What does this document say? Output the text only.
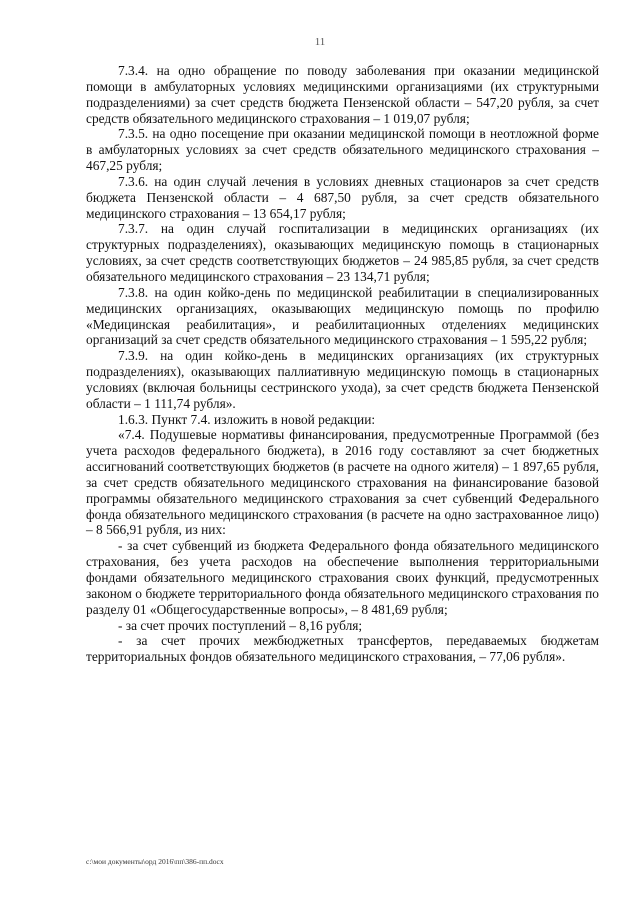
11

7.3.4. на одно обращение по поводу заболевания при оказании медицинской помощи в амбулаторных условиях медицинскими организациями (их структурными подразделениями) за счет средств бюджета Пензенской области – 547,20 рубля, за счет средств обязательного медицинского страхования – 1 019,07 рубля;

7.3.5. на одно посещение при оказании медицинской помощи в неотложной форме в амбулаторных условиях за счет средств обязательного медицинского страхования – 467,25 рубля;

7.3.6. на один случай лечения в условиях дневных стационаров за счет средств бюджета Пензенской области – 4 687,50 рубля, за счет средств обязательного медицинского страхования – 13 654,17 рубля;

7.3.7. на один случай госпитализации в медицинских организациях (их структурных подразделениях), оказывающих медицинскую помощь в стационарных условиях, за счет средств соответствующих бюджетов – 24 985,85 рубля, за счет средств обязательного медицинского страхования – 23 134,71 рубля;

7.3.8. на один койко-день по медицинской реабилитации в специализированных медицинских организациях, оказывающих медицинскую помощь по профилю «Медицинская реабилитация», и реабилитационных отделениях медицинских организаций за счет средств обязательного медицинского страхования – 1 595,22 рубля;

7.3.9. на один койко-день в медицинских организациях (их структурных подразделениях), оказывающих паллиативную медицинскую помощь в стационарных условиях (включая больницы сестринского ухода), за счет средств бюджета Пензенской области – 1 111,74 рубля».

1.6.3. Пункт 7.4. изложить в новой редакции:

«7.4. Подушевые нормативы финансирования, предусмотренные Программой (без учета расходов федерального бюджета), в 2016 году составляют за счет бюджетных ассигнований соответствующих бюджетов (в расчете на одного жителя) – 1 897,65 рубля, за счет средств обязательного медицинского страхования на финансирование базовой программы обязательного медицинского страхования за счет субвенций Федерального фонда обязательного медицинского страхования (в расчете на одно застрахованное лицо) – 8 566,91 рубля, из них:

- за счет субвенций из бюджета Федерального фонда обязательного медицинского страхования, без учета расходов на обеспечение выполнения территориальными фондами обязательного медицинского страхования своих функций, предусмотренных законом о бюджете территориального фонда обязательного медицинского страхования по разделу 01 «Общегосударственные вопросы», – 8 481,69 рубля;

- за счет прочих поступлений – 8,16 рубля;

- за счет прочих межбюджетных трансфертов, передаваемых бюджетам территориальных фондов обязательного медицинского страхования, – 77,06 рубля».

c:\мои документы\орд 2016\пп\386-пп.docx
